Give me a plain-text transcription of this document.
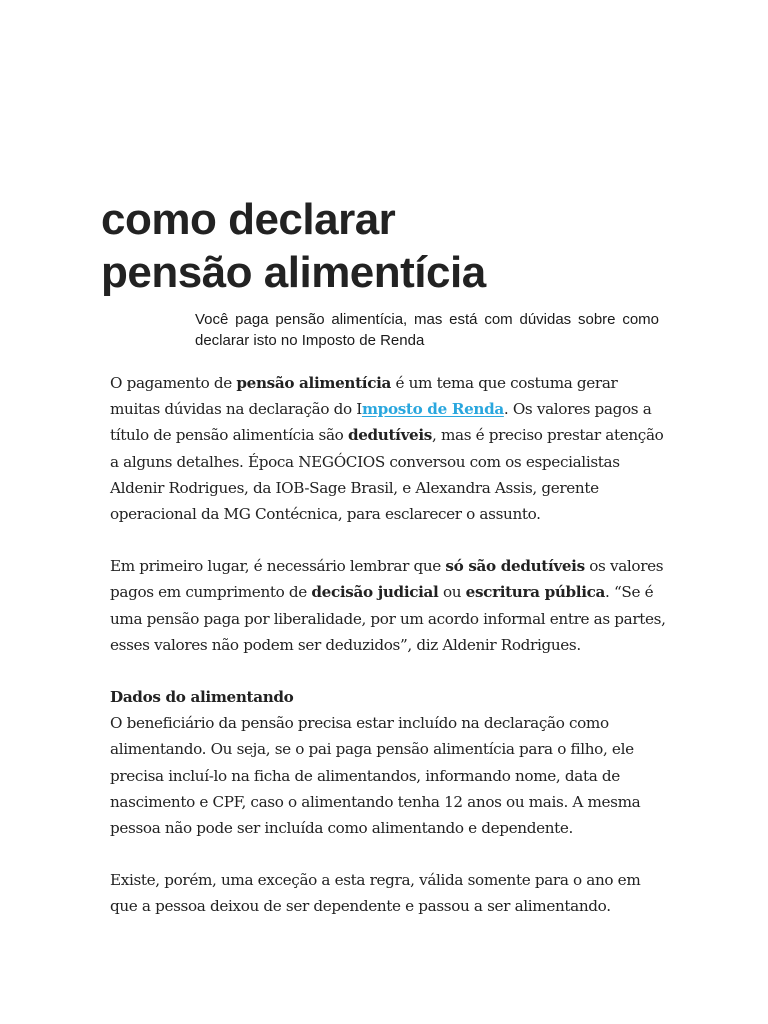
como declarar
pensão alimentícia

Você paga pensão alimentícia, mas está com dúvidas sobre como declarar isto no Imposto de Renda

O pagamento de pensão alimentícia é um tema que costuma gerar muitas dúvidas na declaração do Imposto de Renda. Os valores pagos a título de pensão alimentícia são dedutíveis, mas é preciso prestar atenção a alguns detalhes. Época NEGÓCIOS conversou com os especialistas Aldenir Rodrigues, da IOB-Sage Brasil, e Alexandra Assis, gerente operacional da MG Contécnica, para esclarecer o assunto.

Em primeiro lugar, é necessário lembrar que só são dedutíveis os valores pagos em cumprimento de decisão judicial ou escritura pública. “Se é uma pensão paga por liberalidade, por um acordo informal entre as partes, esses valores não podem ser deduzidos”, diz Aldenir Rodrigues.

Dados do alimentando

O beneficiário da pensão precisa estar incluído na declaração como alimentando. Ou seja, se o pai paga pensão alimentícia para o filho, ele precisa incluí-lo na ficha de alimentandos, informando nome, data de nascimento e CPF, caso o alimentando tenha 12 anos ou mais. A mesma pessoa não pode ser incluída como alimentando e dependente.

Existe, porém, uma exceção a esta regra, válida somente para o ano em que a pessoa deixou de ser dependente e passou a ser alimentando.
